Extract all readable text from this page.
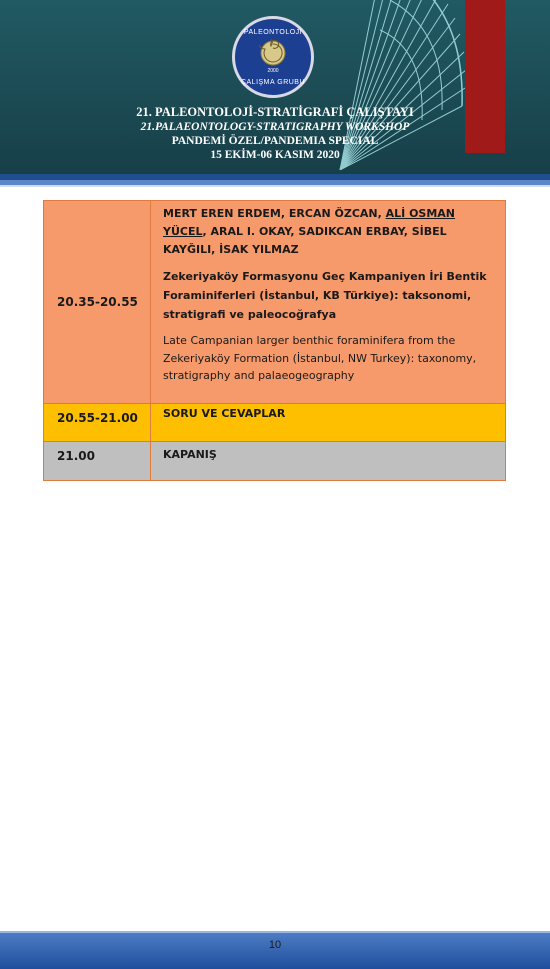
PALEONTOLOJİ
2000
ÇALIŞMA GRUBU
21. PALEONTOLOJİ-STRATİGRAFİ ÇALIŞTAYI
21.PALAEONTOLOGY-STRATIGRAPHY WORKSHOP
PANDEMİ ÖZEL/PANDEMIA SPECIAL
15 EKİM-06 KASIM 2020
20.35-20.55	MERT EREN ERDEM, ERCAN ÖZCAN, ALİ OSMAN YÜCEL, ARAL I. OKAY, SADIKCAN ERBAY, SİBEL KAYĞILI, İSAK YILMAZ

Zekeriyaköy Formasyonu Geç Kampaniyen İri Bentik Foraminiferleri (İstanbul, KB Türkiye): taksonomi, stratigrafi ve paleocoğrafya

Late Campanian larger benthic foraminifera from the Zekeriyaköy Formation (İstanbul, NW Turkey): taxonomy, stratigraphy and palaeogeography

20.55-21.00	SORU VE CEVAPLAR
21.00	KAPANIŞ
10
